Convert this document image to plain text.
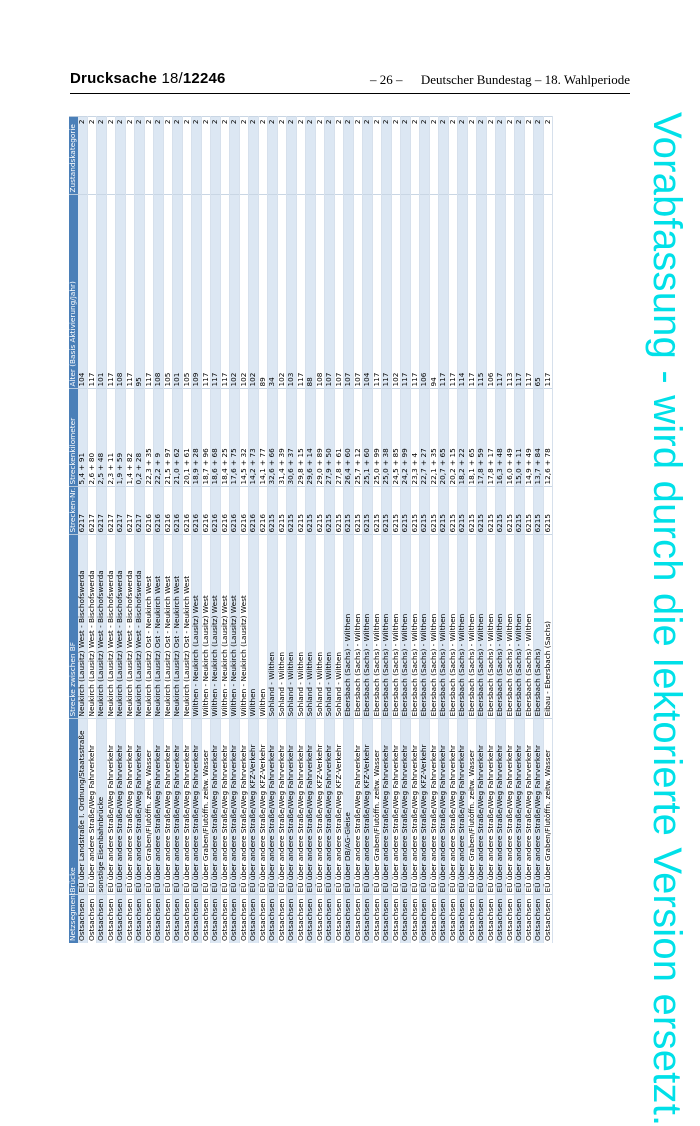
Drucksache 18/12246	– 26 – Deutscher Bundestag – 18. Wahlperiode
Netzsegment	Brücke	Strecke zwischen BF	Strecken-Nr.	Streckenkilometer	Alter (Basis Aktivierung/Jahr)	Zustandskategorie
Ostsachsen	EÜ über Landstraße I. Ordnung/Staatsstraße	Neukirch (Lausitz) West - Bischofswerda	6217	5,4 + 91	104	2
Ostsachsen	EÜ über andere Straße/Weg Fahrverkehr	Neukirch (Lausitz) West - Bischofswerda	6217	2,6 + 80	117	2
Ostsachsen	sonstige Eisenbahnbrücke	Neukirch (Lausitz) West - Bischofswerda	6217	2,5 + 48	101	2
Ostsachsen	EÜ über andere Straße/Weg Fahrverkehr	Neukirch (Lausitz) West - Bischofswerda	6217	2,3 + 11	117	2
Ostsachsen	EÜ über andere Straße/Weg Fahrverkehr	Neukirch (Lausitz) West - Bischofswerda	6217	1,9 + 59	108	2
Ostsachsen	EÜ über andere Straße/Weg Fahrverkehr	Neukirch (Lausitz) West - Bischofswerda	6217	1,4 + 82	117	2
Ostsachsen	EÜ über andere Straße/Weg Fahrverkehr	Neukirch (Lausitz) West - Bischofswerda	6217	0,2 + 28	95	2
Ostsachsen	EÜ über Graben/Flutöffn. zeitw. Wasser	Neukirch (Lausitz) Ost - Neukirch West	6216	22,3 + 35	117	2
Ostsachsen	EÜ über andere Straße/Weg Fahrverkehr	Neukirch (Lausitz) Ost - Neukirch West	6216	22,2 + 9	108	2
Ostsachsen	EÜ über andere Straße/Weg Fahrverkehr	Neukirch (Lausitz) Ost - Neukirch West	6216	21,5 + 97	105	2
Ostsachsen	EÜ über andere Straße/Weg Fahrverkehr	Neukirch (Lausitz) Ost - Neukirch West	6216	21,0 + 62	101	2
Ostsachsen	EÜ über andere Straße/Weg Fahrverkehr	Neukirch (Lausitz) Ost - Neukirch West	6216	20,1 + 61	105	2
Ostsachsen	EÜ über andere Straße/Weg Fahrverkehr	Wilthen - Neukirch (Lausitz) West	6216	18,9 + 28	109	2
Ostsachsen	EÜ über Graben/Flutöffn. zeitw. Wasser	Wilthen - Neukirch (Lausitz) West	6216	18,7 + 96	117	2
Ostsachsen	EÜ über andere Straße/Weg Fahrverkehr	Wilthen - Neukirch (Lausitz) West	6216	18,6 + 68	117	2
Ostsachsen	EÜ über andere Straße/Weg Fahrverkehr	Wilthen - Neukirch (Lausitz) West	6216	18,4 + 25	117	2
Ostsachsen	EÜ über andere Straße/Weg Fahrverkehr	Wilthen - Neukirch (Lausitz) West	6216	17,6 + 75	102	2
Ostsachsen	EÜ über andere Straße/Weg Fahrverkehr	Wilthen - Neukirch (Lausitz) West	6216	14,5 + 32	102	2
Ostsachsen	EÜ über andere Straße/Weg KFZ-Verkehr	Wilthen	6216	14,2 + 73	102	2
Ostsachsen	EÜ über andere Straße/Weg KFZ-Verkehr	Wilthen	6216	14,1 + 77	89	2
Ostsachsen	EÜ über andere Straße/Weg Fahrverkehr	Sohland - Wilthen	6215	32,6 + 66	34	2
Ostsachsen	EÜ über andere Straße/Weg Fahrverkehr	Sohland - Wilthen	6215	31,4 + 39	102	2
Ostsachsen	EÜ über andere Straße/Weg Fahrverkehr	Sohland - Wilthen	6215	30,6 + 37	103	2
Ostsachsen	EÜ über andere Straße/Weg Fahrverkehr	Sohland - Wilthen	6215	29,8 + 15	117	2
Ostsachsen	EÜ über andere Straße/Weg Fahrverkehr	Sohland - Wilthen	6215	29,6 + 14	88	2
Ostsachsen	EÜ über andere Straße/Weg KFZ-Verkehr	Sohland - Wilthen	6215	29,0 + 89	108	2
Ostsachsen	EÜ über andere Straße/Weg Fahrverkehr	Sohland - Wilthen	6215	27,9 + 50	107	2
Ostsachsen	EÜ über andere Straße/Weg KFZ-Verkehr	Sohland - Wilthen	6215	27,8 + 61	107	2
Ostsachsen	EÜ über DB/AG-Gleise	Ebersbach (Sachs) - Wilthen	6215	26,4 + 60	107	2
Ostsachsen	EÜ über andere Straße/Weg Fahrverkehr	Ebersbach (Sachs) - Wilthen	6215	25,7 + 12	107	2
Ostsachsen	EÜ über andere Straße/Weg KFZ-Verkehr	Ebersbach (Sachs) - Wilthen	6215	25,1 + 60	104	2
Ostsachsen	EÜ über Graben/Flutöffn. zeitw. Wasser	Ebersbach (Sachs) - Wilthen	6215	25,0 + 99	117	2
Ostsachsen	EÜ über andere Straße/Weg Fahrverkehr	Ebersbach (Sachs) - Wilthen	6215	25,0 + 38	117	2
Ostsachsen	EÜ über andere Straße/Weg Fahrverkehr	Ebersbach (Sachs) - Wilthen	6215	24,5 + 85	102	2
Ostsachsen	EÜ über andere Straße/Weg Fahrverkehr	Ebersbach (Sachs) - Wilthen	6215	24,2 + 99	117	2
Ostsachsen	EÜ über andere Straße/Weg Fahrverkehr	Ebersbach (Sachs) - Wilthen	6215	23,3 + 4	117	2
Ostsachsen	EÜ über andere Straße/Weg KFZ-Verkehr	Ebersbach (Sachs) - Wilthen	6215	22,7 + 27	106	2
Ostsachsen	EÜ über andere Straße/Weg Fahrverkehr	Ebersbach (Sachs) - Wilthen	6215	22,1 + 35	94	2
Ostsachsen	EÜ über andere Straße/Weg Fahrverkehr	Ebersbach (Sachs) - Wilthen	6215	20,7 + 65	117	2
Ostsachsen	EÜ über andere Straße/Weg Fahrverkehr	Ebersbach (Sachs) - Wilthen	6215	20,2 + 15	117	2
Ostsachsen	EÜ über andere Straße/Weg Fahrverkehr	Ebersbach (Sachs) - Wilthen	6215	18,2 + 22	114	2
Ostsachsen	EÜ über Graben/Flutöffn. zeitw. Wasser	Ebersbach (Sachs) - Wilthen	6215	18,1 + 65	117	2
Ostsachsen	EÜ über andere Straße/Weg Fahrverkehr	Ebersbach (Sachs) - Wilthen	6215	17,8 + 59	115	2
Ostsachsen	EÜ über andere Straße/Weg Fahrverkehr	Ebersbach (Sachs) - Wilthen	6215	17,8 + 17	106	2
Ostsachsen	EÜ über andere Straße/Weg Fahrverkehr	Ebersbach (Sachs) - Wilthen	6215	16,3 + 48	117	2
Ostsachsen	EÜ über andere Straße/Weg Fahrverkehr	Ebersbach (Sachs) - Wilthen	6215	16,0 + 49	113	2
Ostsachsen	EÜ über andere Straße/Weg Fahrverkehr	Ebersbach (Sachs) - Wilthen	6215	15,0 + 11	117	2
Ostsachsen	EÜ über andere Straße/Weg Fahrverkehr	Ebersbach (Sachs) - Wilthen	6215	14,9 + 49	117	2
Ostsachsen	EÜ über andere Straße/Weg Fahrverkehr	Ebersbach (Sachs)	6215	13,7 + 84	65	2
Ostsachsen	EÜ über Graben/Flutöffn. zeitw. Wasser	Eibau - Ebersbach (Sachs)	6215	12,6 + 78	117	2 Vorabfassung - wird durch die lektorierte Version ersetzt.
